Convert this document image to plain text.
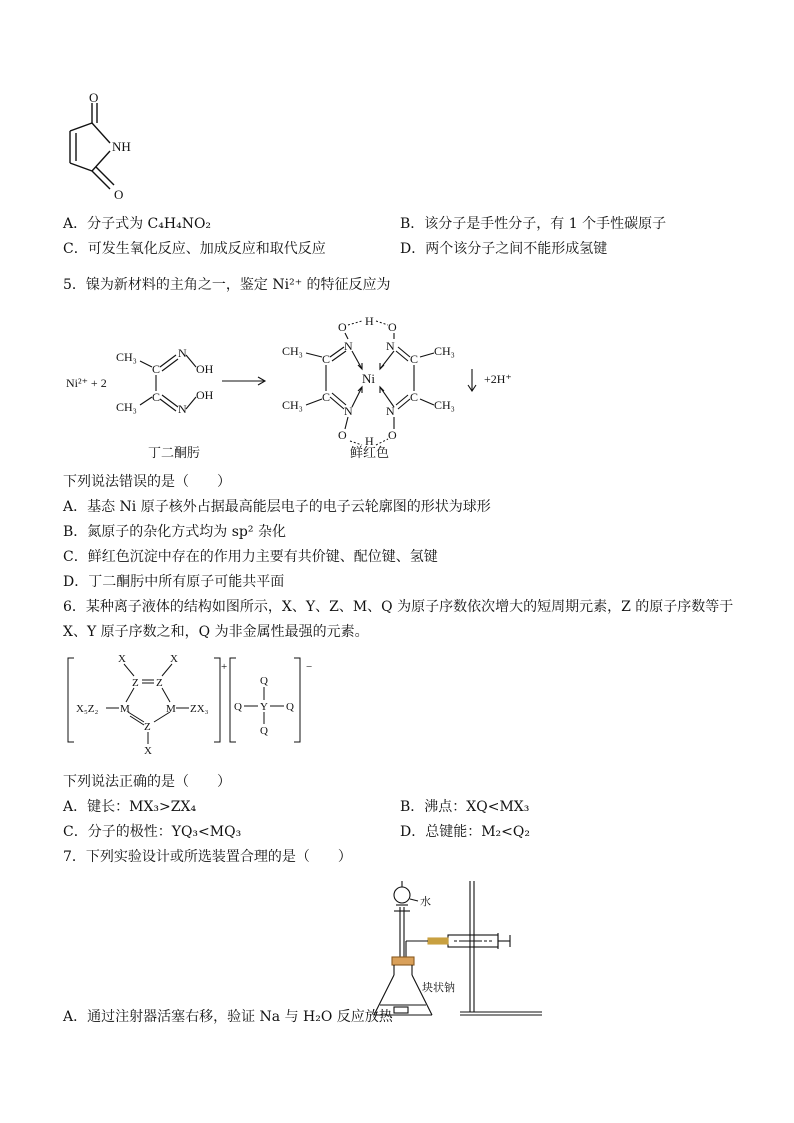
O
NH
O
A．分子式为 C₄H₄NO₂	B．该分子是手性分子，有 1 个手性碳原子
C．可发生氧化反应、加成反应和取代反应	D．两个该分子之间不能形成氢键
5．镍为新材料的主角之一，鉴定 Ni²⁺ 的特征反应为
Ni²⁺ + 2
CH₃
CH₃
C
C
N
N
OH
OH
CH₃
CH₃
C
C
N
N
O
O
H
H
Ni
N
N
O
O
C
C
CH₃
CH₃
+2H⁺
丁二酮肟	鲜红色
下列说法错误的是（　　）
A．基态 Ni 原子核外占据最高能层电子的电子云轮廓图的形状为球形
B．氮原子的杂化方式均为 sp² 杂化
C．鲜红色沉淀中存在的作用力主要有共价键、配位键、氢键
D．丁二酮肟中所有原子可能共平面
6．某种离子液体的结构如图所示，X、Y、Z、M、Q 为原子序数依次增大的短周期元素，Z 的原子序数等于
X、Y 原子序数之和，Q 为非金属性最强的元素。
X	X
Z Z
X₅Z₂ M	M ZX₃
Z
X
+
Q
Q Y Q
Q
−
下列说法正确的是（　　）
A．键长：MX₃>ZX₄	B．沸点：XQ<MX₃
C．分子的极性：YQ₃<MQ₃	D．总键能：M₂<Q₂
7．下列实验设计或所选装置合理的是（　　）
水
块状钠
A．通过注射器活塞右移，验证 Na 与 H₂O 反应放热
